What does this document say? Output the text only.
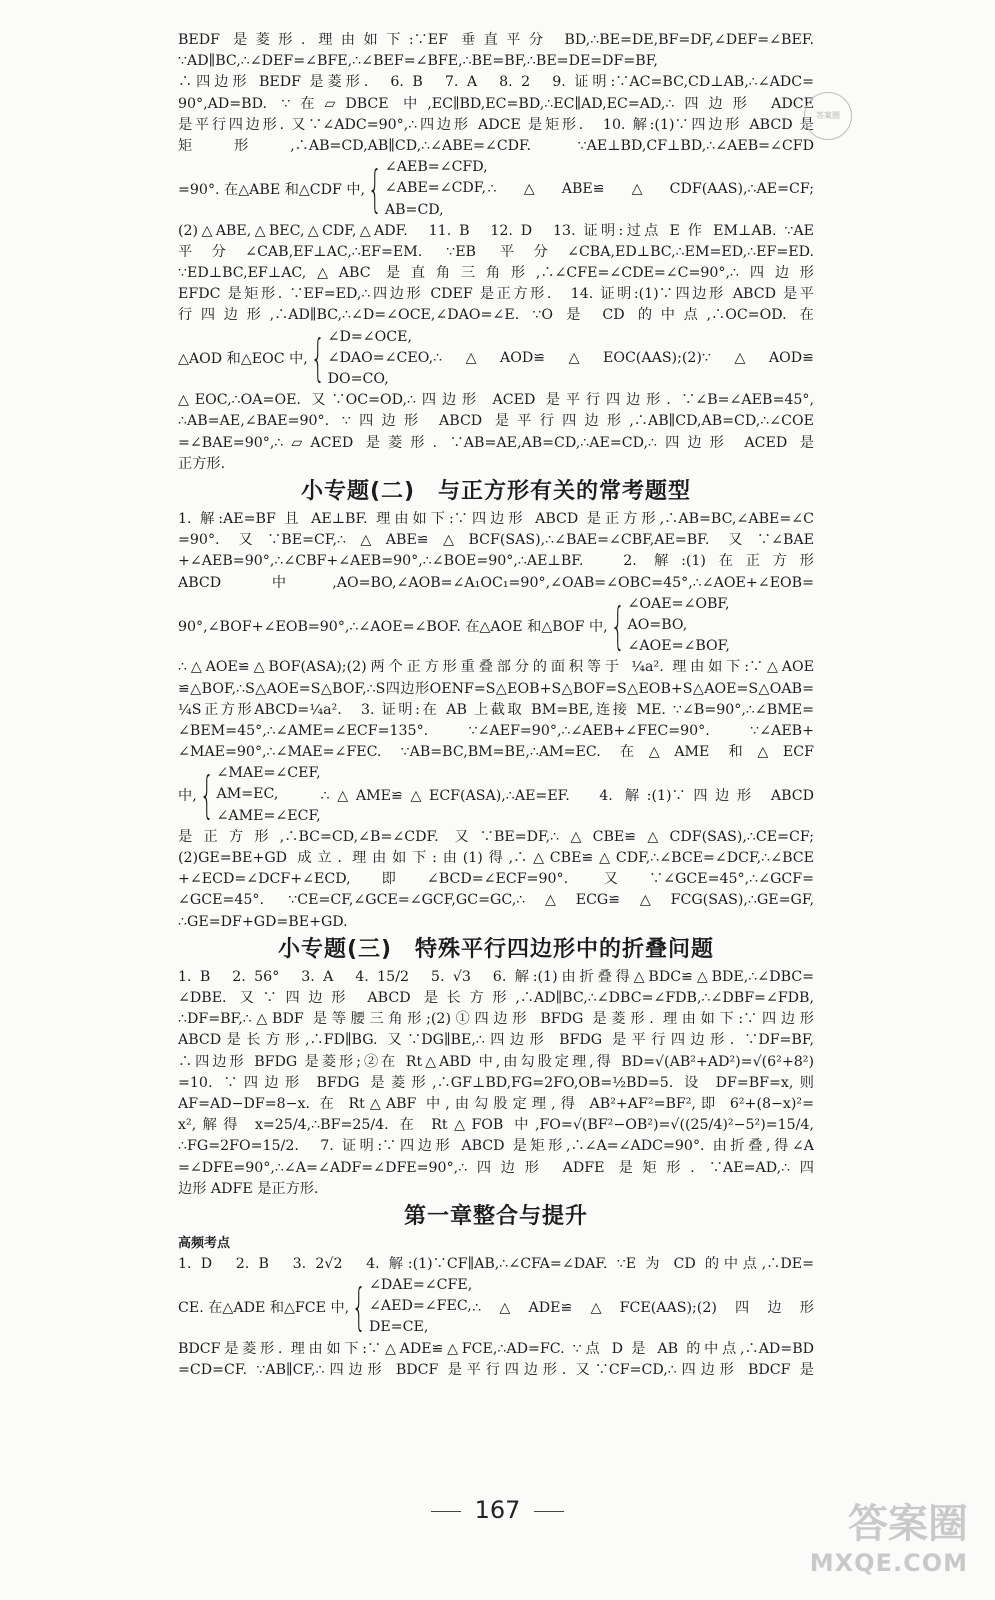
BEDF 是菱形. 理由如下:∵EF 垂直平分 BD,∴BE=DE,BF=DF,∠DEF=∠BEF.
∵AD∥BC,∴∠DEF=∠BFE,∴∠BEF=∠BFE,∴BE=BF,∴BE=DE=DF=BF,
∴四边形 BEDF 是菱形.　6. B　7. A　8. 2　9. 证明:∵AC=BC,CD⊥AB,∴∠ADC=
90°,AD=BD. ∵在▱DBCE 中,EC∥BD,EC=BD,∴EC∥AD,EC=AD,∴四边形 ADCE
是平行四边形. 又∵∠ADC=90°,∴四边形 ADCE 是矩形.　10. 解:(1)∵四边形 ABCD 是
矩形,∴AB=CD,AB∥CD,∴∠ABE=∠CDF. ∵AE⊥BD,CF⊥BD,∴∠AEB=∠CFD
=90°. 在△ABE 和△CDF 中, { ∠AEB=∠CFD,
∠ABE=∠CDF,
AB=CD,
∴△ABE≌△CDF(AAS),∴AE=CF;
(2)△ABE,△BEC,△CDF,△ADF.　11. B　12. D　13. 证明:过点 E 作 EM⊥AB. ∵AE
平分∠CAB,EF⊥AC,∴EF=EM. ∵EB 平分∠CBA,ED⊥BC,∴EM=ED,∴EF=ED.
∵ED⊥BC,EF⊥AC,△ABC 是直角三角形,∴∠CFE=∠CDE=∠C=90°,∴四边形
EFDC 是矩形. ∵EF=ED,∴四边形 CDEF 是正方形.　14. 证明:(1)∵四边形 ABCD 是平
行四边形,∴AD∥BC,∴∠D=∠OCE,∠DAO=∠E. ∵O 是 CD 的中点,∴OC=OD. 在
△AOD 和△EOC 中, { ∠D=∠OCE,
∠DAO=∠CEO,
DO=CO,
∴△AOD≌△EOC(AAS);(2)∵△AOD≌
△EOC,∴OA=OE. 又∵OC=OD,∴四边形 ACED 是平行四边形. ∵∠B=∠AEB=45°,
∴AB=AE,∠BAE=90°. ∵四边形 ABCD 是平行四边形,∴AB∥CD,AB=CD,∴∠COE
=∠BAE=90°,∴▱ACED 是菱形. ∵AB=AE,AB=CD,∴AE=CD,∴四边形 ACED 是
正方形.
小专题(二)　与正方形有关的常考题型
1. 解:AE=BF 且 AE⊥BF. 理由如下:∵四边形 ABCD 是正方形,∴AB=BC,∠ABE=∠C
=90°. 又∵BE=CF,∴△ABE≌△BCF(SAS),∴∠BAE=∠CBF,AE=BF. 又∵∠BAE
+∠AEB=90°,∴∠CBF+∠AEB=90°,∴∠BOE=90°,∴AE⊥BF.　2. 解:(1)在正方形
ABCD 中,AO=BO,∠AOB=∠A₁OC₁=90°,∠OAB=∠OBC=45°,∴∠AOE+∠EOB=
90°,∠BOF+∠EOB=90°,∴∠AOE=∠BOF. 在△AOE 和△BOF 中, { ∠OAE=∠OBF,
AO=BO,
∠AOE=∠BOF,
∴△AOE≌△BOF(ASA);(2)两个正方形重叠部分的面积等于 ¼a². 理由如下:∵△AOE
≌△BOF,∴S△AOE=S△BOF,∴S四边形OENF=S△EOB+S△BOF=S△EOB+S△AOE=S△OAB=
¼S正方形ABCD=¼a².　3. 证明:在 AB 上截取 BM=BE,连接 ME. ∵∠B=90°,∴∠BME=
∠BEM=45°,∴∠AME=∠ECF=135°. ∵∠AEF=90°,∴∠AEB+∠FEC=90°. ∵∠AEB+
∠MAE=90°,∴∠MAE=∠FEC. ∵AB=BC,BM=BE,∴AM=EC. 在△AME 和△ECF
中, { ∠MAE=∠CEF,
AM=EC,
∠AME=∠ECF,
∴△AME≌△ECF(ASA),∴AE=EF.　4. 解:(1)∵四边形 ABCD
是正方形,∴BC=CD,∠B=∠CDF. 又∵BE=DF,∴△CBE≌△CDF(SAS),∴CE=CF;
(2)GE=BE+GD 成立. 理由如下:由(1)得,∴△CBE≌△CDF,∴∠BCE=∠DCF,∴∠BCE
+∠ECD=∠DCF+∠ECD,即∠BCD=∠ECF=90°. 又∵∠GCE=45°,∴∠GCF=
∠GCE=45°. ∵CE=CF,∠GCE=∠GCF,GC=GC,∴△ECG≌△FCG(SAS),∴GE=GF,
∴GE=DF+GD=BE+GD.
小专题(三)　特殊平行四边形中的折叠问题
1. B　2. 56°　3. A　4. 15/2　5. √3　6. 解:(1)由折叠得△BDC≌△BDE,∴∠DBC=
∠DBE. 又∵四边形 ABCD 是长方形,∴AD∥BC,∴∠DBC=∠FDB,∴∠DBF=∠FDB,
∴DF=BF,∴△BDF 是等腰三角形;(2)①四边形 BFDG 是菱形. 理由如下:∵四边形
ABCD是长方形,∴FD∥BG. 又∵DG∥BE,∴四边形 BFDG 是平行四边形. ∵DF=BF,
∴四边形 BFDG 是菱形;②在 Rt△ABD 中,由勾股定理,得 BD=√(AB²+AD²)=√(6²+8²)
=10. ∵四边形 BFDG 是菱形,∴GF⊥BD,FG=2FO,OB=½BD=5. 设 DF=BF=x,则
AF=AD−DF=8−x. 在 Rt△ABF 中,由勾股定理,得 AB²+AF²=BF²,即 6²+(8−x)²=
x²,解得 x=25/4,∴BF=25/4. 在 Rt△FOB 中,FO=√(BF²−OB²)=√((25/4)²−5²)=15/4,
∴FG=2FO=15/2.　7. 证明:∵四边形 ABCD 是矩形,∴∠A=∠ADC=90°. 由折叠,得∠A
=∠DFE=90°,∴∠A=∠ADF=∠DFE=90°,∴四边形 ADFE 是矩形. ∵AE=AD,∴四
边形 ADFE 是正方形.
第一章整合与提升
高频考点
1. D　2. B　3. 2√2　4. 解:(1)∵CF∥AB,∴∠CFA=∠DAF. ∵E 为 CD 的中点,∴DE=
CE. 在△ADE 和△FCE 中, { ∠DAE=∠CFE,
∠AED=∠FEC,
DE=CE,
∴△ADE≌△FCE(AAS);(2)四边形
BDCF是菱形. 理由如下:∵△ADE≌△FCE,∴AD=FC. ∵点 D 是 AB 的中点,∴AD=BD
=CD=CF. ∵AB∥CF,∴四边形 BDCF 是平行四边形. 又∵CF=CD,∴四边形 BDCF 是
答案圈
167	答案圈
MXQE.COM
